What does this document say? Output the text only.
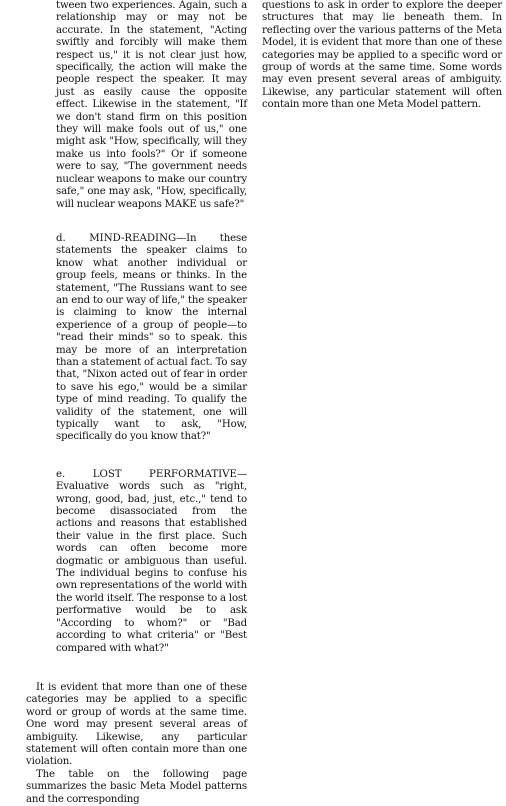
tween two experiences. Again, such a relationship may or may not be accurate. In the statement, "Acting swiftly and forcibly will make them respect us," it is not clear just how, specifically, the action will make the people respect the speaker. It may just as easily cause the opposite effect. Likewise in the statement, "If we don't stand firm on this position they will make fools out of us," one might ask "How, specifically, will they make us into fools?" Or if someone were to say, "The government needs nuclear weapons to make our country safe," one may ask, "How, specifically, will nuclear weapons MAKE us safe?"

d. MIND-READING—In these statements the speaker claims to know what another individual or group feels, means or thinks. In the statement, "The Russians want to see an end to our way of life," the speaker is claiming to know the internal experience of a group of people—to "read their minds" so to speak. this may be more of an interpretation than a statement of actual fact. To say that, "Nixon acted out of fear in order to save his ego," would be a similar type of mind reading. To qualify the validity of the statement, one will typically want to ask, "How, specifically do you know that?"

e. LOST PERFORMATIVE—Evaluative words such as "right, wrong, good, bad, just, etc.," tend to become disassociated from the actions and reasons that established their value in the first place. Such words can often become more dogmatic or ambiguous than useful. The individual begins to confuse his own representations of the world with the world itself. The response to a lost performative would be to ask "According to whom?" or "Bad according to what criteria" or "Best compared with what?"

It is evident that more than one of these categories may be applied to a specific word or group of words at the same time. One word may present several areas of ambiguity. Likewise, any particular statement will often contain more than one violation.

The table on the following page summarizes the basic Meta Model patterns and the corresponding

questions to ask in order to explore the deeper structures that may lie beneath them. In reflecting over the various patterns of the Meta Model, it is evident that more than one of these categories may be applied to a specific word or group of words at the same time. Some words may even present several areas of ambiguity. Likewise, any particular statement will often contain more than one Meta Model pattern.
